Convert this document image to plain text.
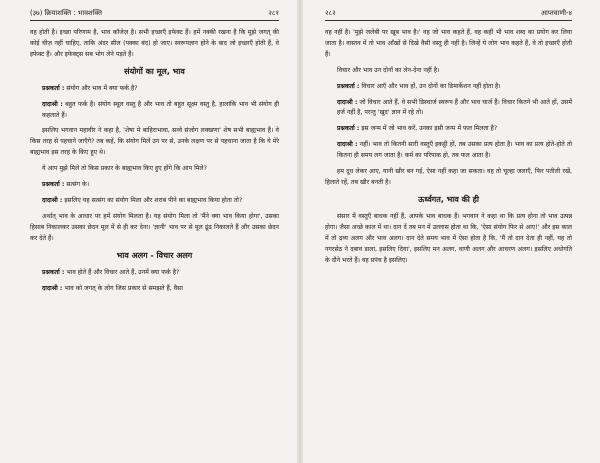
(३७) क्रियाशक्ति : भावशक्ति	२८१

वह होती है। इच्छा परिणाम है, भाव कॉजेज़ है। सभी इच्छाएँ इफेक्ट हैं। हमें नक्की रखना है कि मुझे जगत् की कोई चीज़ नहीं चाहिए, ताकि अंदर सील (पक्का बंद) हो जाए। स्वरूपज्ञान होने के बाद जो इच्छाएँ होती हैं, वे इफेक्ट हैं। और इफेक्ट्स सब भोग लेने पड़ते हैं।

संयोगों का मूल, भाव

प्रश्नकर्ता : संयोग और भाव में क्या फर्क है?

दादाश्री : बहुत फर्क है। संयोग स्थूल वस्तु है और भाव तो बहुत सूक्ष्म वस्तु है, हालांकि भाव भी संयोग ही कहलाते हैं।

इसलिए भगवान महावीर ने कहा है, 'शेषा मे बाहिराभावा, सव्वे संजोग लक्खणा' शेष सभी बाह्यभाव हैं। वे किस तरह से पहचाने जाएँगे? तब कहें, कि संयोग मिलें उन पर से, उनके लक्षण पर से पहचाना जाता है कि ये मेरे बाह्यभाव इस तरह के किए हुए थे।

ये आप मुझे मिले तो किस प्रकार के बाह्यभाव किए हुए होंगे कि आप मिले?

प्रश्नकर्ता : सत्संग के।

दादाश्री : इसलिए यह सत्संग का संयोग मिला और शराब पीने का बाह्यभाव किया होता तो?

अर्थात् भाव के आधार पर हमें संयोग मिलता है। यह संयोग मिला तो 'मैंने क्या भाव किया होगा', उसका हिसाब निकालकर उसका छेदन मूल में से ही कर देना। 'ज्ञानी' भाव पर से मूल ढूंढ निकालते हैं और उसका छेदन कर देते हैं।

भाव अलग - विचार अलग

प्रश्नकर्ता : भाव होते हैं और विचार आते हैं, उनमें क्या फर्क है?

दादाश्री : भाव को जगत् के लोग जिस प्रकार से समझते हैं, वैसा

२८२	आप्तवाणी-४

वह नहीं है। 'मुझे जलेबी पर खूब भाव है।' वह जो भाव कहते हैं, वह कहीं भी भाव शब्द का प्रयोग कर लिया जाता है। वास्तव में तो भाव आँखों से दिखे वैसी वस्तु ही नहीं है। जिन्हें ये लोग भाव कहते हैं, वे तो इच्छाएँ होती हैं।

विचार और भाव उन दोनों का लेन-देना नहीं है।

प्रश्नकर्ता : विचार आएँ और भाव हों, उन दोनों का डिमार्केशन नहीं होता है।

दादाश्री : जो विचार आते हैं, वे सभी डिस्चार्ज स्वरूप हैं और भाव चार्ज हैं। विचार कितने भी आते हों, उसमें हर्ज नहीं है, परन्तु 'खुद' ज्ञान में रहे तो।

प्रश्नकर्ता : इस जन्म में जो भाव करें, उनका इसी जन्म में फल मिलता है?

दादाश्री : नहीं। भाव तो कितनी सारी वस्तुएँ इकट्ठी हों, तब उसका प्रत्य होता है। भाव का प्रत्य होते-होते तो कितना ही समय लग जाता है। कर्म का परिपाक हो, तब फल आता है।

हम दूध लेकर आए, यानी खीर बन गई, ऐसा नहीं कहा जा सकता। वह तो चूल्हा जलाएँ, फिर पतीली रखें, हिलाते रहें, तब खीर बनती है।

ऊर्ध्वगत, भाव की ही

संसार में वस्तुएँ बाधक नहीं हैं, आपके भाव बाधक हैं। भगवान ने कहा था कि प्रत्य होना तो भाव उत्पन्न होगा। जैसा अच्छे काल में था। दान दें तब मन में उल्लास होता था कि, 'ऐसा संयोग फिर से आए!' और इस काल में तो द्रव्य अलग और भाव अलग। दान देते समय भाव में ऐसा होता है कि, 'मैं तो दान देता ही नहीं, यह तो नगरसेठ ने दबाव डाला, इसलिए दिया', इसलिए मन अलग, वाणी अलग और आचरण अलग। इसलिए अधोगति के दौने भरते हैं। वह प्रपंच है इसलिए।
